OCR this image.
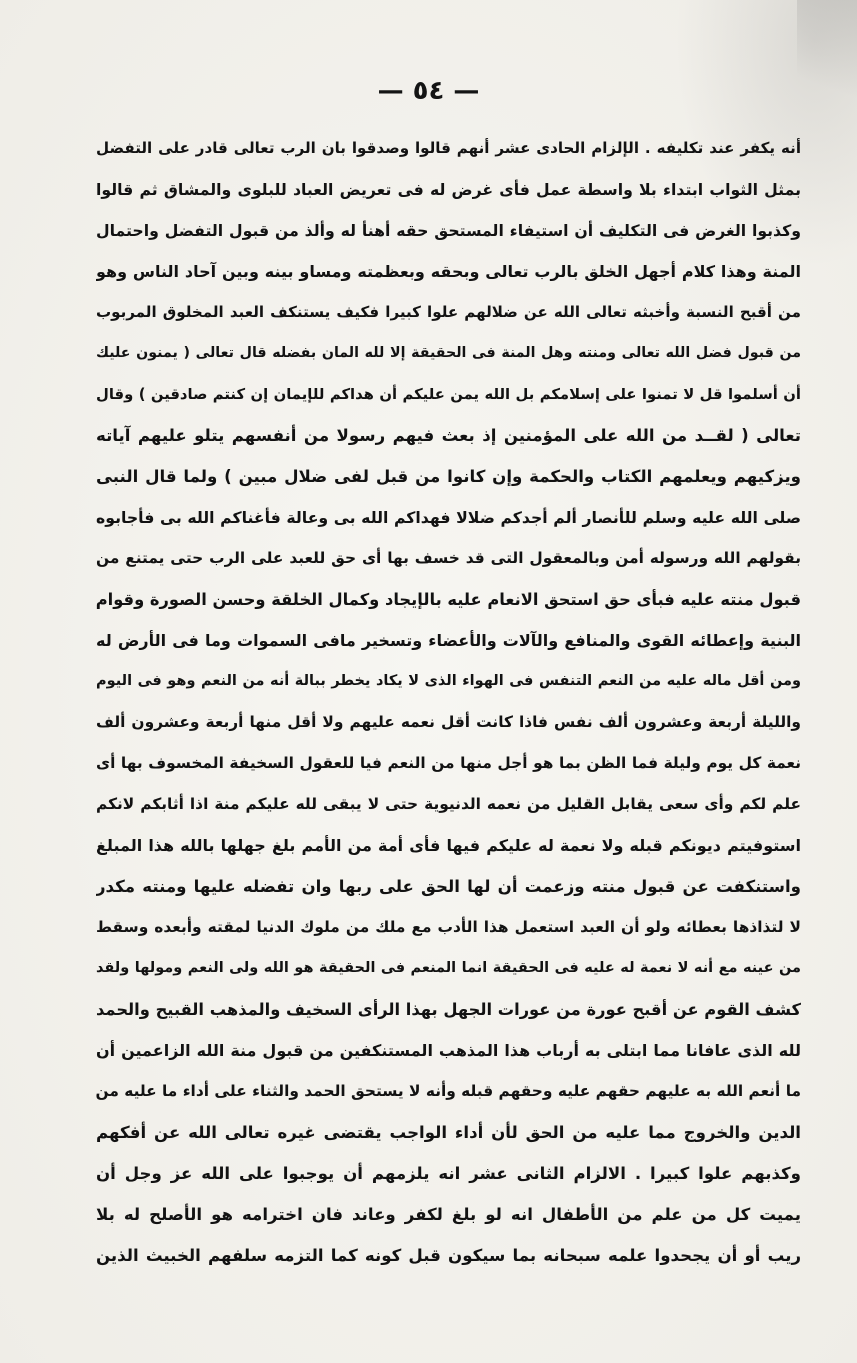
— ٥٤ —
أنه يكفر عند تكليفه . الإلزام الحادى عشر أنهم قالوا وصدقوا بان الرب تعالى قادر على التفضل
بمثل الثواب ابتداء بلا واسطة عمل فأى غرض له فى تعريض العباد للبلوى والمشاق ثم قالوا
وكذبوا الغرض فى التكليف أن استيفاء المستحق حقه أهنأ له وألذ من قبول التفضل واحتمال
المنة وهذا كلام أجهل الخلق بالرب تعالى وبحقه وبعظمته ومساو بينه وبين آحاد الناس وهو
من أقبح النسبة وأخبثه تعالى الله عن ضلالهم علوا كبيرا فكيف يستنكف العبد المخلوق المربوب
من قبول فضل الله تعالى ومنته وهل المنة فى الحقيقة إلا لله المان بفضله قال تعالى ( يمنون عليك
أن أسلموا قل لا تمنوا على إسلامكم بل الله يمن عليكم أن هداكم للإيمان إن كنتم صادقين ) وقال
تعالى ( لقــد من الله على المؤمنين إذ بعث فيهم رسولا من أنفسهم يتلو عليهم آياته
ويزكيهم ويعلمهم الكتاب والحكمة وإن كانوا من قبل لفى ضلال مبين ) ولما قال النبى
صلى الله عليه وسلم للأنصار ألم أجدكم ضلالا فهداكم الله بى وعالة فأغناكم الله بى فأجابوه
بقولهم الله ورسوله أمن وبالمعقول التى قد خسف بها أى حق للعبد على الرب حتى يمتنع من
قبول منته عليه فبأى حق استحق الانعام عليه بالإيجاد وكمال الخلقة وحسن الصورة وقوام
البنية وإعطائه القوى والمنافع والآلات والأعضاء وتسخير مافى السموات وما فى الأرض له
ومن أقل ماله عليه من النعم التنفس فى الهواء الذى لا يكاد يخطر ببالة أنه من النعم وهو فى اليوم
والليلة أربعة وعشرون ألف نفس فاذا كانت أقل نعمه عليهم ولا أقل منها أربعة وعشرون ألف
نعمة كل يوم وليلة فما الظن بما هو أجل منها من النعم فيا للعقول السخيفة المخسوف بها أى
علم لكم وأى سعى يقابل القليل من نعمه الدنيوية حتى لا يبقى لله عليكم منة اذا أثابكم لانكم
استوفيتم ديونكم قبله ولا نعمة له عليكم فيها فأى أمة من الأمم بلغ جهلها بالله هذا المبلغ
واستنكفت عن قبول منته وزعمت أن لها الحق على ربها وان تفضله عليها ومنته مكدر
لا لتذاذها بعطائه ولو أن العبد استعمل هذا الأدب مع ملك من ملوك الدنيا لمقته وأبعده وسقط
من عينه مع أنه لا نعمة له عليه فى الحقيقة انما المنعم فى الحقيقة هو الله ولى النعم ومولها ولقد
كشف القوم عن أقبح عورة من عورات الجهل بهذا الرأى السخيف والمذهب القبيح والحمد
لله الذى عافانا مما ابتلى به أرباب هذا المذهب المستنكفين من قبول منة الله الزاعمين أن
ما أنعم الله به عليهم حقهم عليه وحقهم قبله وأنه لا يستحق الحمد والثناء على أداء ما عليه من
الدين والخروج مما عليه من الحق لأن أداء الواجب يقتضى غيره تعالى الله عن أفكهم
وكذبهم علوا كبيرا . الالزام الثانى عشر انه يلزمهم أن يوجبوا على الله عز وجل أن
يميت كل من علم من الأطفال انه لو بلغ لكفر وعاند فان اخترامه هو الأصلح له بلا
ريب أو أن يجحدوا علمه سبحانه بما سيكون قبل كونه كما التزمه سلفهم الخبيث الذين
